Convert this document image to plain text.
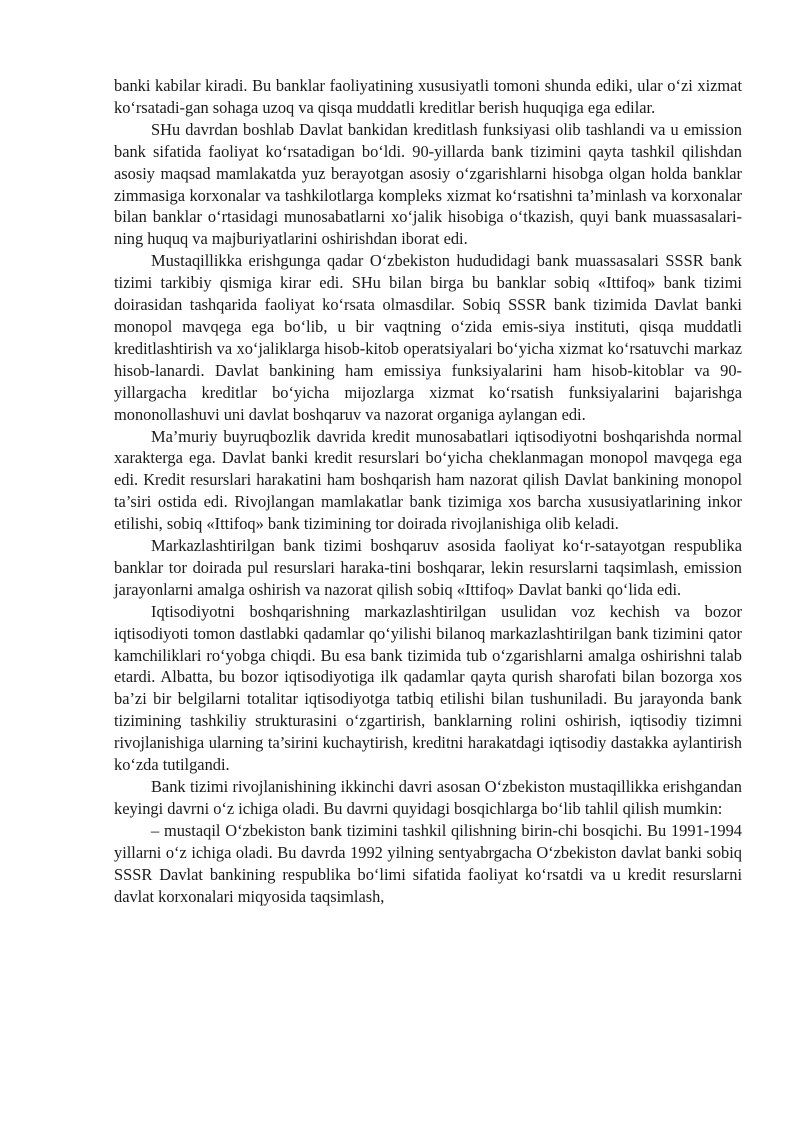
banki kabilar kiradi. Bu banklar faoliyatining xususiyatli tomoni shunda ediki, ular o‘zi xizmat ko‘rsatadi-gan sohaga uzoq va qisqa muddatli kreditlar berish huquqiga ega edilar.

SHu davrdan boshlab Davlat bankidan kreditlash funksiyasi olib tashlandi va u emission bank sifatida faoliyat ko‘rsatadigan bo‘ldi. 90-yillarda bank tizimini qayta tashkil qilishdan asosiy maqsad mamlakatda yuz berayotgan asosiy o‘zgarishlarni hisobga olgan holda banklar zimmasiga korxonalar va tashkilotlarga kompleks xizmat ko‘rsatishni ta’minlash va korxonalar bilan banklar o‘rtasidagi munosabatlarni xo‘jalik hisobiga o‘tkazish, quyi bank muassasalari-ning huquq va majburiyatlarini oshirishdan iborat edi.

Mustaqillikka erishgunga qadar O‘zbekiston hududidagi bank muassasalari SSSR bank tizimi tarkibiy qismiga kirar edi. SHu bilan birga bu banklar sobiq «Ittifoq» bank tizimi doirasidan tashqarida faoliyat ko‘rsata olmasdilar. Sobiq SSSR bank tizimida Davlat banki monopol mavqega ega bo‘lib, u bir vaqtning o‘zida emis-siya instituti, qisqa muddatli kreditlashtirish va xo‘jaliklarga hisob-kitob operatsiyalari bo‘yicha xizmat ko‘rsatuvchi markaz hisob-lanardi. Davlat bankining ham emissiya funksiyalarini ham hisob-kitoblar va 90-yillargacha kreditlar bo‘yicha mijozlarga xizmat ko‘rsatish funksiyalarini bajarishga mononollashuvi uni davlat boshqaruv va nazorat organiga aylangan edi.

Ma’muriy buyruqbozlik davrida kredit munosabatlari iqtisodiyotni boshqarishda normal xarakterga ega. Davlat banki kredit resurslari bo‘yicha cheklanmagan monopol mavqega ega edi. Kredit resurslari harakatini ham boshqarish ham nazorat qilish Davlat bankining monopol ta’siri ostida edi. Rivojlangan mamlakatlar bank tizimiga xos barcha xususiyatlarining inkor etilishi, sobiq «Ittifoq» bank tizimining tor doirada rivojlanishiga olib keladi.

Markazlashtirilgan bank tizimi boshqaruv asosida faoliyat ko‘r-satayotgan respublika banklar tor doirada pul resurslari haraka-tini boshqarar, lekin resurslarni taqsimlash, emission jarayonlarni amalga oshirish va nazorat qilish sobiq «Ittifoq» Davlat banki qo‘lida edi.

Iqtisodiyotni boshqarishning markazlashtirilgan usulidan voz kechish va bozor iqtisodiyoti tomon dastlabki qadamlar qo‘yilishi bilanoq markazlashtirilgan bank tizimini qator kamchiliklari ro‘yobga chiqdi. Bu esa bank tizimida tub o‘zgarishlarni amalga oshirishni talab etardi. Albatta, bu bozor iqtisodiyotiga ilk qadamlar qayta qurish sharofati bilan bozorga xos ba’zi bir belgilarni totalitar iqtisodiyotga tatbiq etilishi bilan tushuniladi. Bu jarayonda bank tizimining tashkiliy strukturasini o‘zgartirish, banklarning rolini oshirish, iqtisodiy tizimni rivojlanishiga ularning ta’sirini kuchaytirish, kreditni harakatdagi iqtisodiy dastakka aylantirish ko‘zda tutilgandi.

Bank tizimi rivojlanishining ikkinchi davri asosan O‘zbekiston mustaqillikka erishgandan keyingi davrni o‘z ichiga oladi. Bu davrni quyidagi bosqichlarga bo‘lib tahlil qilish mumkin:

– mustaqil O‘zbekiston bank tizimini tashkil qilishning birin-chi bosqichi. Bu 1991-1994 yillarni o‘z ichiga oladi. Bu davrda 1992 yilning sentyabrgacha O‘zbekiston davlat banki sobiq SSSR Davlat bankining respublika bo‘limi sifatida faoliyat ko‘rsatdi va u kredit resurslarni davlat korxonalari miqyosida taqsimlash,
